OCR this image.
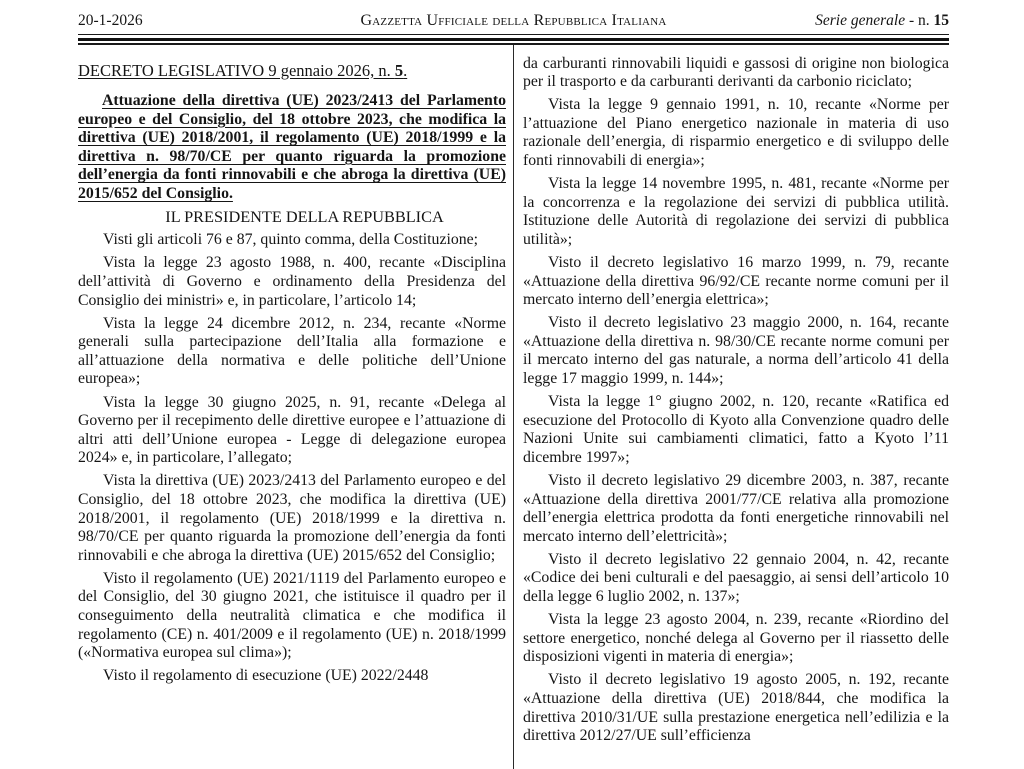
20-1-2026	Gazzetta Ufficiale della Repubblica Italiana	Serie generale - n. 15
DECRETO LEGISLATIVO 9 gennaio 2026, n. 5.

Attuazione della direttiva (UE) 2023/2413 del Parlamento europeo e del Consiglio, del 18 ottobre 2023, che modifica la direttiva (UE) 2018/2001, il regolamento (UE) 2018/1999 e la direttiva n. 98/70/CE per quanto riguarda la promozione dell’energia da fonti rinnovabili e che abroga la direttiva (UE) 2015/652 del Consiglio.

IL PRESIDENTE DELLA REPUBBLICA

Visti gli articoli 76 e 87, quinto comma, della Costituzione;

Vista la legge 23 agosto 1988, n. 400, recante «Disciplina dell’attività di Governo e ordinamento della Presidenza del Consiglio dei ministri» e, in particolare, l’articolo 14;

Vista la legge 24 dicembre 2012, n. 234, recante «Norme generali sulla partecipazione dell’Italia alla formazione e all’attuazione della normativa e delle politiche dell’Unione europea»;

Vista la legge 30 giugno 2025, n. 91, recante «Delega al Governo per il recepimento delle direttive europee e l’attuazione di altri atti dell’Unione europea - Legge di delegazione europea 2024» e, in particolare, l’allegato;

Vista la direttiva (UE) 2023/2413 del Parlamento europeo e del Consiglio, del 18 ottobre 2023, che modifica la direttiva (UE) 2018/2001, il regolamento (UE) 2018/1999 e la direttiva n. 98/70/CE per quanto riguarda la promozione dell’energia da fonti rinnovabili e che abroga la direttiva (UE) 2015/652 del Consiglio;

Visto il regolamento (UE) 2021/1119 del Parlamento europeo e del Consiglio, del 30 giugno 2021, che istituisce il quadro per il conseguimento della neutralità climatica e che modifica il regolamento (CE) n. 401/2009 e il regolamento (UE) n. 2018/1999 («Normativa europea sul clima»);

Visto il regolamento di esecuzione (UE) 2022/2448

da carburanti rinnovabili liquidi e gassosi di origine non biologica per il trasporto e da carburanti derivanti da carbonio riciclato;

Vista la legge 9 gennaio 1991, n. 10, recante «Norme per l’attuazione del Piano energetico nazionale in materia di uso razionale dell’energia, di risparmio energetico e di sviluppo delle fonti rinnovabili di energia»;

Vista la legge 14 novembre 1995, n. 481, recante «Norme per la concorrenza e la regolazione dei servizi di pubblica utilità. Istituzione delle Autorità di regolazione dei servizi di pubblica utilità»;

Visto il decreto legislativo 16 marzo 1999, n. 79, recante «Attuazione della direttiva 96/92/CE recante norme comuni per il mercato interno dell’energia elettrica»;

Visto il decreto legislativo 23 maggio 2000, n. 164, recante «Attuazione della direttiva n. 98/30/CE recante norme comuni per il mercato interno del gas naturale, a norma dell’articolo 41 della legge 17 maggio 1999, n. 144»;

Vista la legge 1° giugno 2002, n. 120, recante «Ratifica ed esecuzione del Protocollo di Kyoto alla Convenzione quadro delle Nazioni Unite sui cambiamenti climatici, fatto a Kyoto l’11 dicembre 1997»;

Visto il decreto legislativo 29 dicembre 2003, n. 387, recante «Attuazione della direttiva 2001/77/CE relativa alla promozione dell’energia elettrica prodotta da fonti energetiche rinnovabili nel mercato interno dell’elettricità»;

Visto il decreto legislativo 22 gennaio 2004, n. 42, recante «Codice dei beni culturali e del paesaggio, ai sensi dell’articolo 10 della legge 6 luglio 2002, n. 137»;

Vista la legge 23 agosto 2004, n. 239, recante «Riordino del settore energetico, nonché delega al Governo per il riassetto delle disposizioni vigenti in materia di energia»;

Visto il decreto legislativo 19 agosto 2005, n. 192, recante «Attuazione della direttiva (UE) 2018/844, che modifica la direttiva 2010/31/UE sulla prestazione energetica nell’edilizia e la direttiva 2012/27/UE sull’efficienza
